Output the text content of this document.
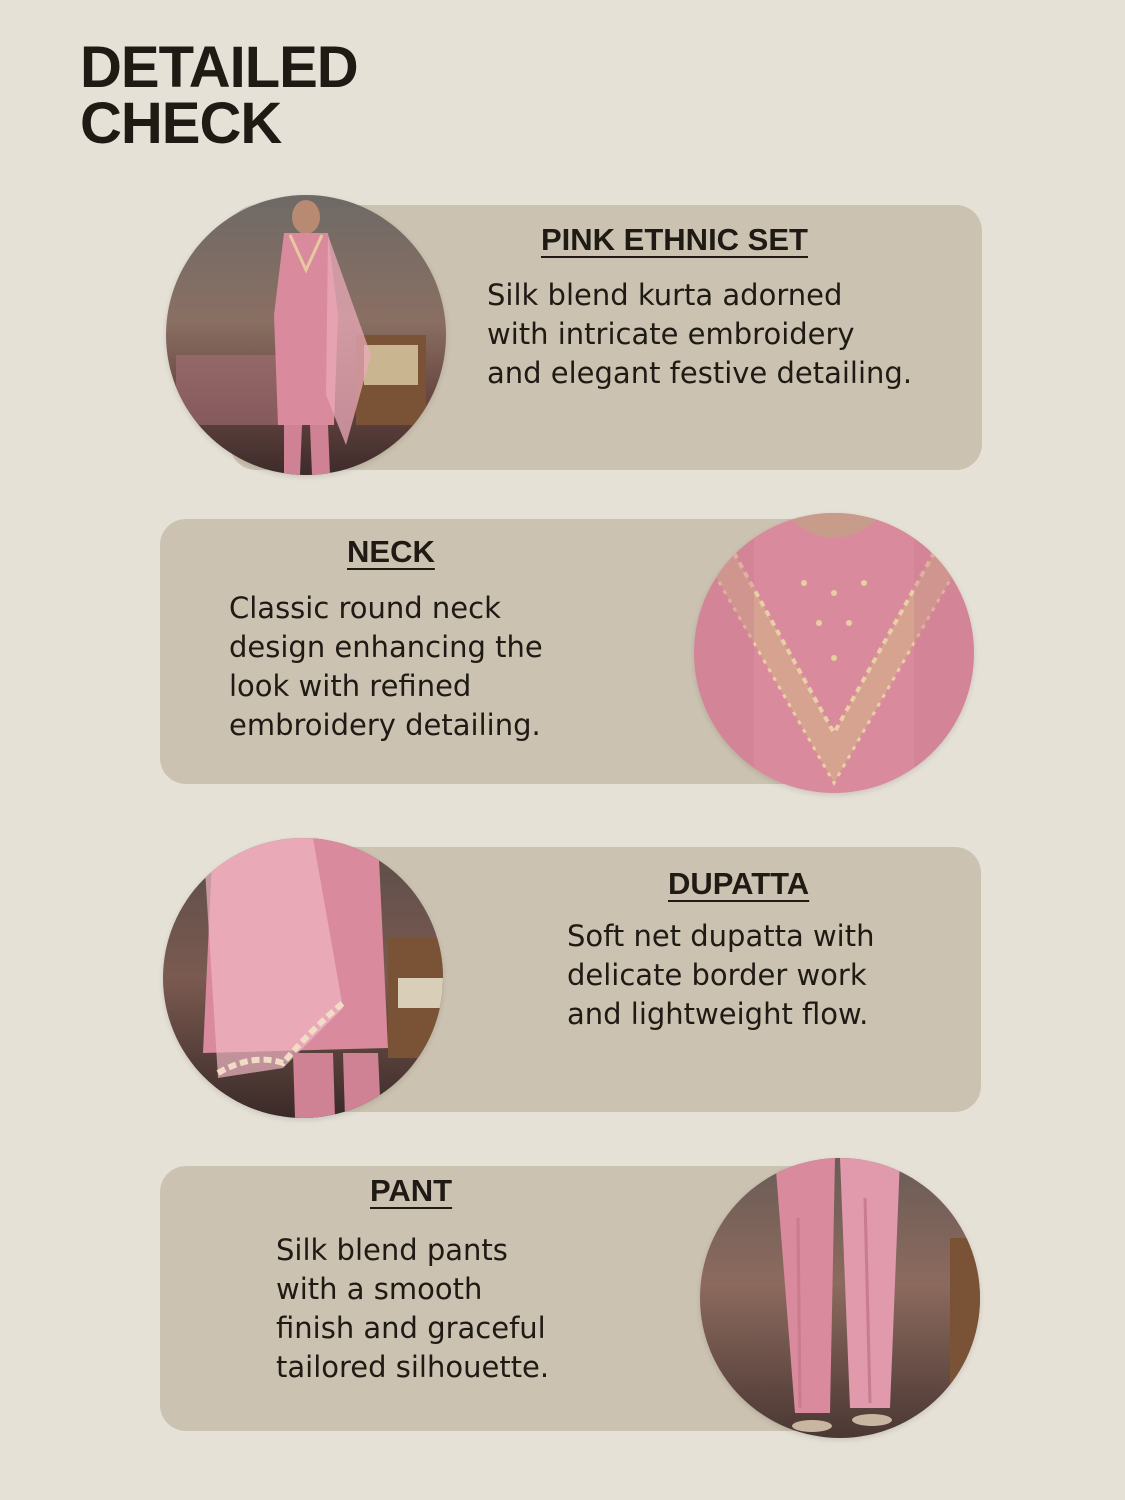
DETAILED
CHECK
PINK ETHNIC SET
Silk blend kurta adorned
with intricate embroidery
and elegant festive detailing.
NECK
Classic round neck
design enhancing the
look with refined
embroidery detailing.
DUPATTA
Soft net dupatta with
delicate border work
and lightweight flow.
PANT
Silk blend pants
with a smooth
finish and graceful
tailored silhouette.
